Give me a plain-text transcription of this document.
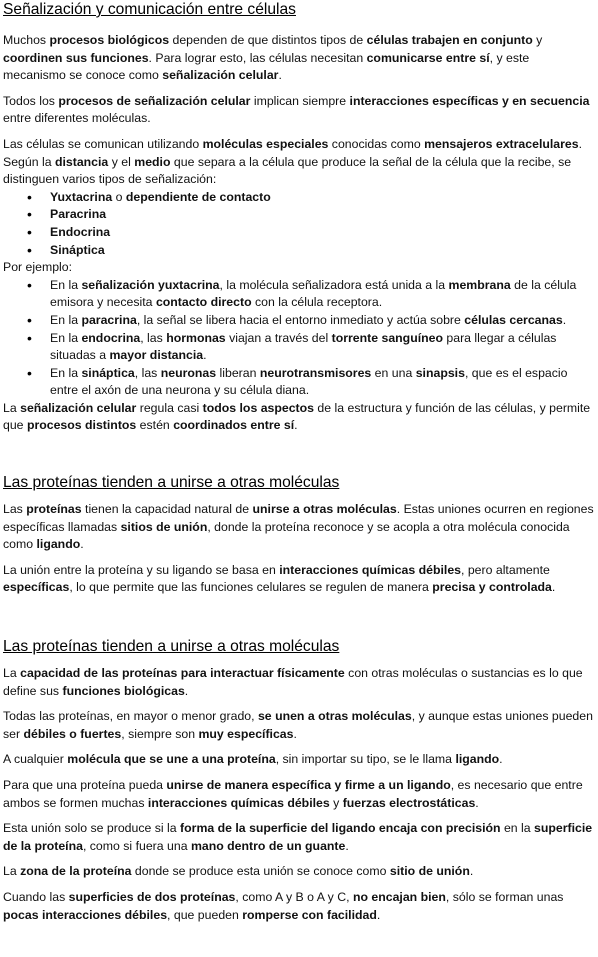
Señalización y comunicación entre células

Muchos procesos biológicos dependen de que distintos tipos de células trabajen en conjunto y coordinen sus funciones. Para lograr esto, las células necesitan comunicarse entre sí, y este mecanismo se conoce como señalización celular.

Todos los procesos de señalización celular implican siempre interacciones específicas y en secuencia entre diferentes moléculas.

Las células se comunican utilizando moléculas especiales conocidas como mensajeros extracelulares.

Según la distancia y el medio que separa a la célula que produce la señal de la célula que la recibe, se distinguen varios tipos de señalización:

• Yuxtacrina o dependiente de contacto
• Paracrina
• Endocrina
• Sináptica

Por ejemplo:

• En la señalización yuxtacrina, la molécula señalizadora está unida a la membrana de la célula emisora y necesita contacto directo con la célula receptora.
• En la paracrina, la señal se libera hacia el entorno inmediato y actúa sobre células cercanas.
• En la endocrina, las hormonas viajan a través del torrente sanguíneo para llegar a células situadas a mayor distancia.
• En la sináptica, las neuronas liberan neurotransmisores en una sinapsis, que es el espacio entre el axón de una neurona y su célula diana.

La señalización celular regula casi todos los aspectos de la estructura y función de las células, y permite que procesos distintos estén coordinados entre sí.

Las proteínas tienden a unirse a otras moléculas

Las proteínas tienen la capacidad natural de unirse a otras moléculas. Estas uniones ocurren en regiones específicas llamadas sitios de unión, donde la proteína reconoce y se acopla a otra molécula conocida como ligando.

La unión entre la proteína y su ligando se basa en interacciones químicas débiles, pero altamente específicas, lo que permite que las funciones celulares se regulen de manera precisa y controlada.

Las proteínas tienden a unirse a otras moléculas

La capacidad de las proteínas para interactuar físicamente con otras moléculas o sustancias es lo que define sus funciones biológicas.

Todas las proteínas, en mayor o menor grado, se unen a otras moléculas, y aunque estas uniones pueden ser débiles o fuertes, siempre son muy específicas.

A cualquier molécula que se une a una proteína, sin importar su tipo, se le llama ligando.

Para que una proteína pueda unirse de manera específica y firme a un ligando, es necesario que entre ambos se formen muchas interacciones químicas débiles y fuerzas electrostáticas.

Esta unión solo se produce si la forma de la superficie del ligando encaja con precisión en la superficie de la proteína, como si fuera una mano dentro de un guante.

La zona de la proteína donde se produce esta unión se conoce como sitio de unión.

Cuando las superficies de dos proteínas, como A y B o A y C, no encajan bien, sólo se forman unas pocas interacciones débiles, que pueden romperse con facilidad.
